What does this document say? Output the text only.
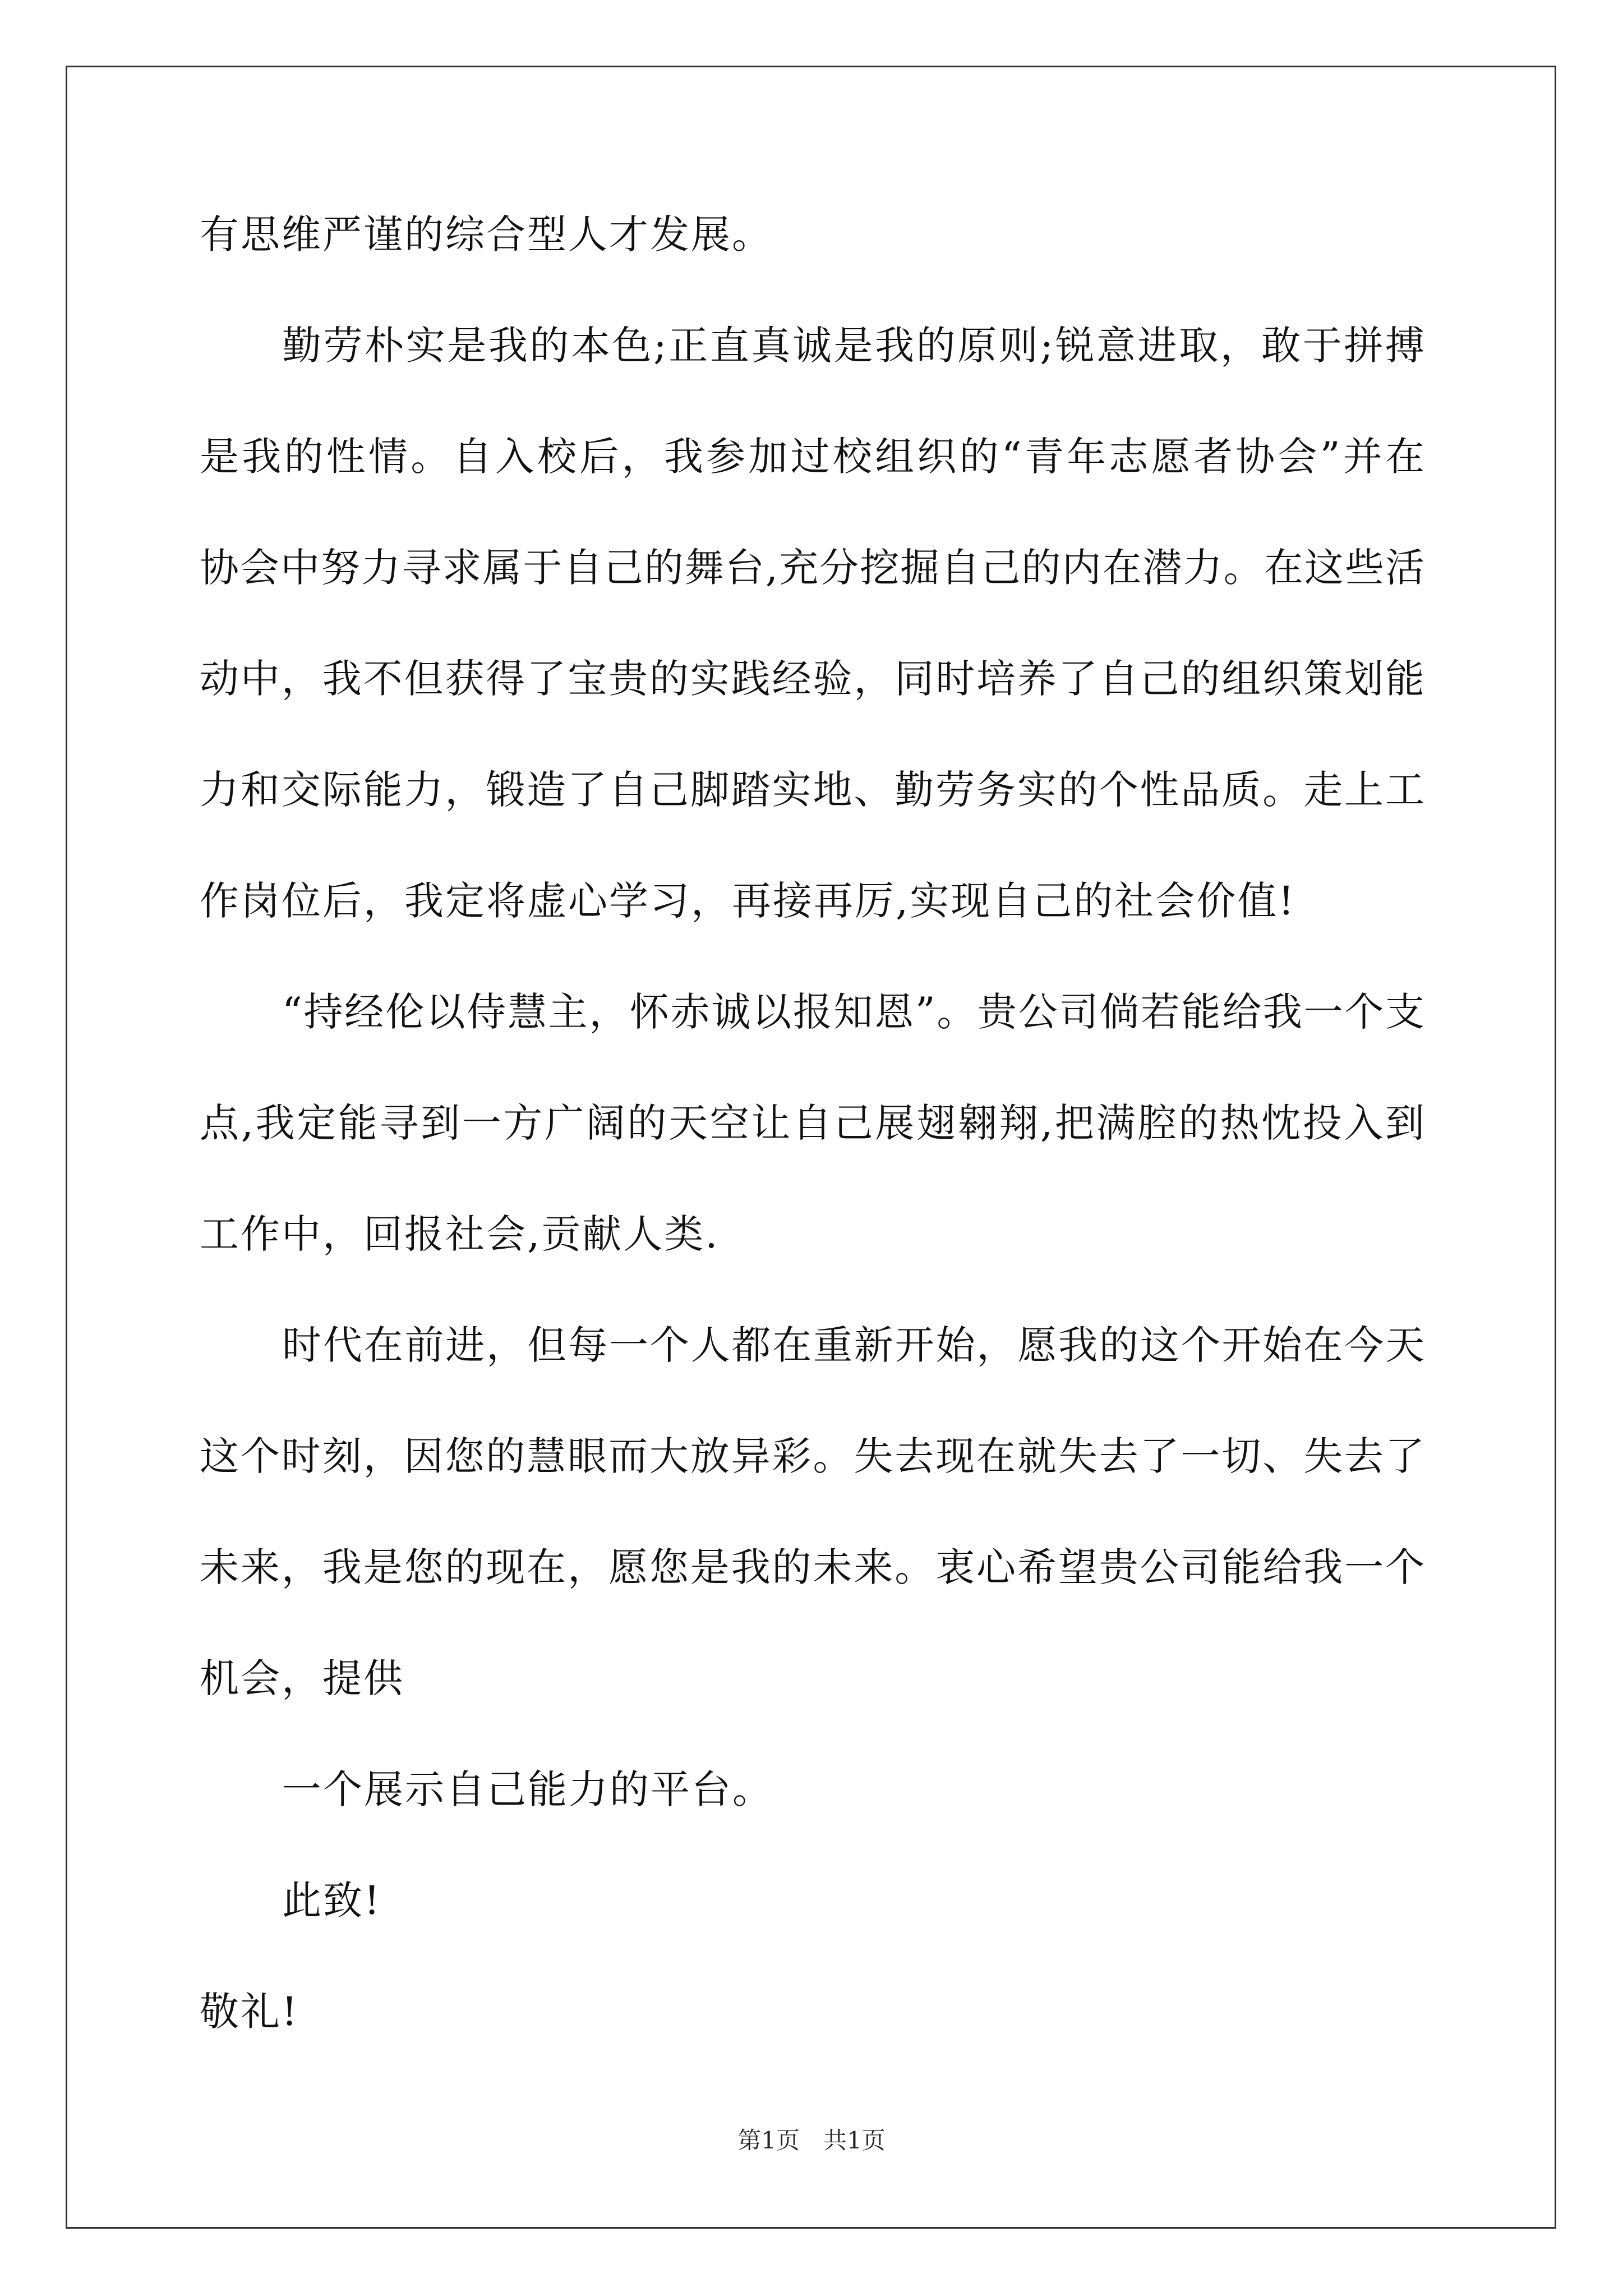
有思维严谨的综合型人才发展。
勤劳朴实是我的本色;正直真诚是我的原则;锐意进取，敢于拼搏
是我的性情。自入校后，我参加过校组织的“青年志愿者协会”并在
协会中努力寻求属于自己的舞台,充分挖掘自己的内在潜力。在这些活
动中，我不但获得了宝贵的实践经验，同时培养了自己的组织策划能
力和交际能力，锻造了自己脚踏实地、勤劳务实的个性品质。走上工
作岗位后，我定将虚心学习，再接再厉,实现自己的社会价值!
“持经伦以侍慧主，怀赤诚以报知恩”。贵公司倘若能给我一个支
点,我定能寻到一方广阔的天空让自己展翅翱翔,把满腔的热忱投入到
工作中，回报社会,贡献人类.
时代在前进，但每一个人都在重新开始，愿我的这个开始在今天
这个时刻，因您的慧眼而大放异彩。失去现在就失去了一切、失去了
未来，我是您的现在，愿您是我的未来。衷心希望贵公司能给我一个
机会，提供
一个展示自己能力的平台。
此致!
敬礼!
第1页　共1页
